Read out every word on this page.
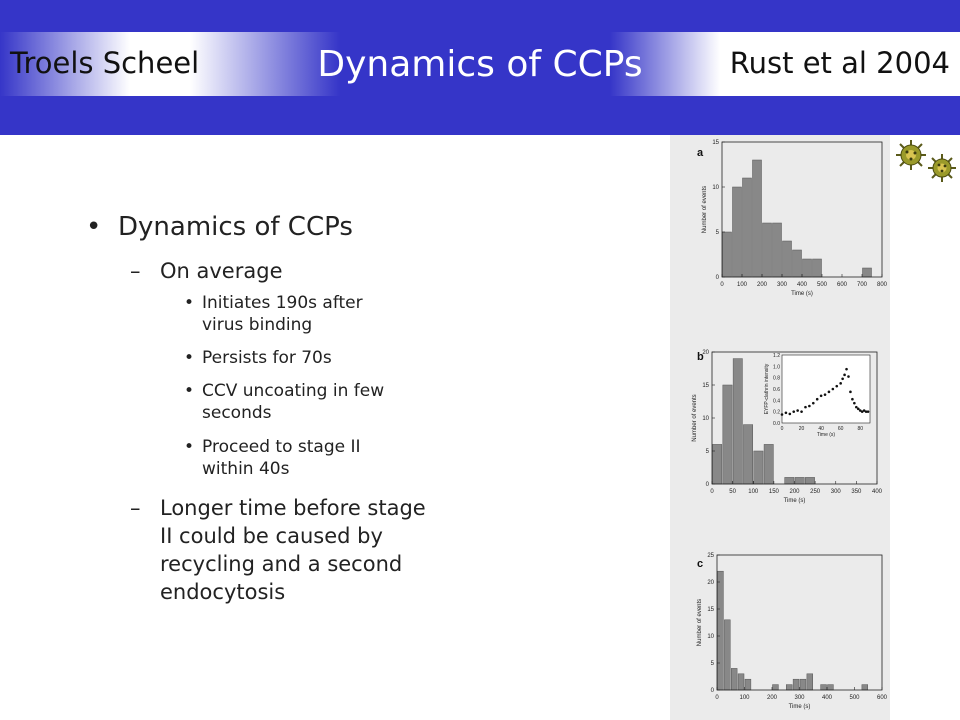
Troels Scheel	Dynamics of CCPs	Rust et al 2004
• Dynamics of CCPs
– On average
• Initiates 190s after
virus binding
• Persists for 70s
• CCV uncoating in few
seconds
• Proceed to stage II
within 40s
– Longer time before stage
II could be caused by
recycling and a second
endocytosis
a
0 100 200 300 400 500 600 700 800
0
5
10
15
Time (s)
Number of events
b
0	50 100 150 200 250 300 350 400
0
5
10
15
20
Time (s)
Number of events	0	20	40	60	80
0.0
0.2
0.4
0.6
0.8
1.0
1.2
Time (s)
EYFP-clathrin intensity
c
0	100	200	300	400	500	600
0
5
10
15
20
25
Time (s)
Number of events
